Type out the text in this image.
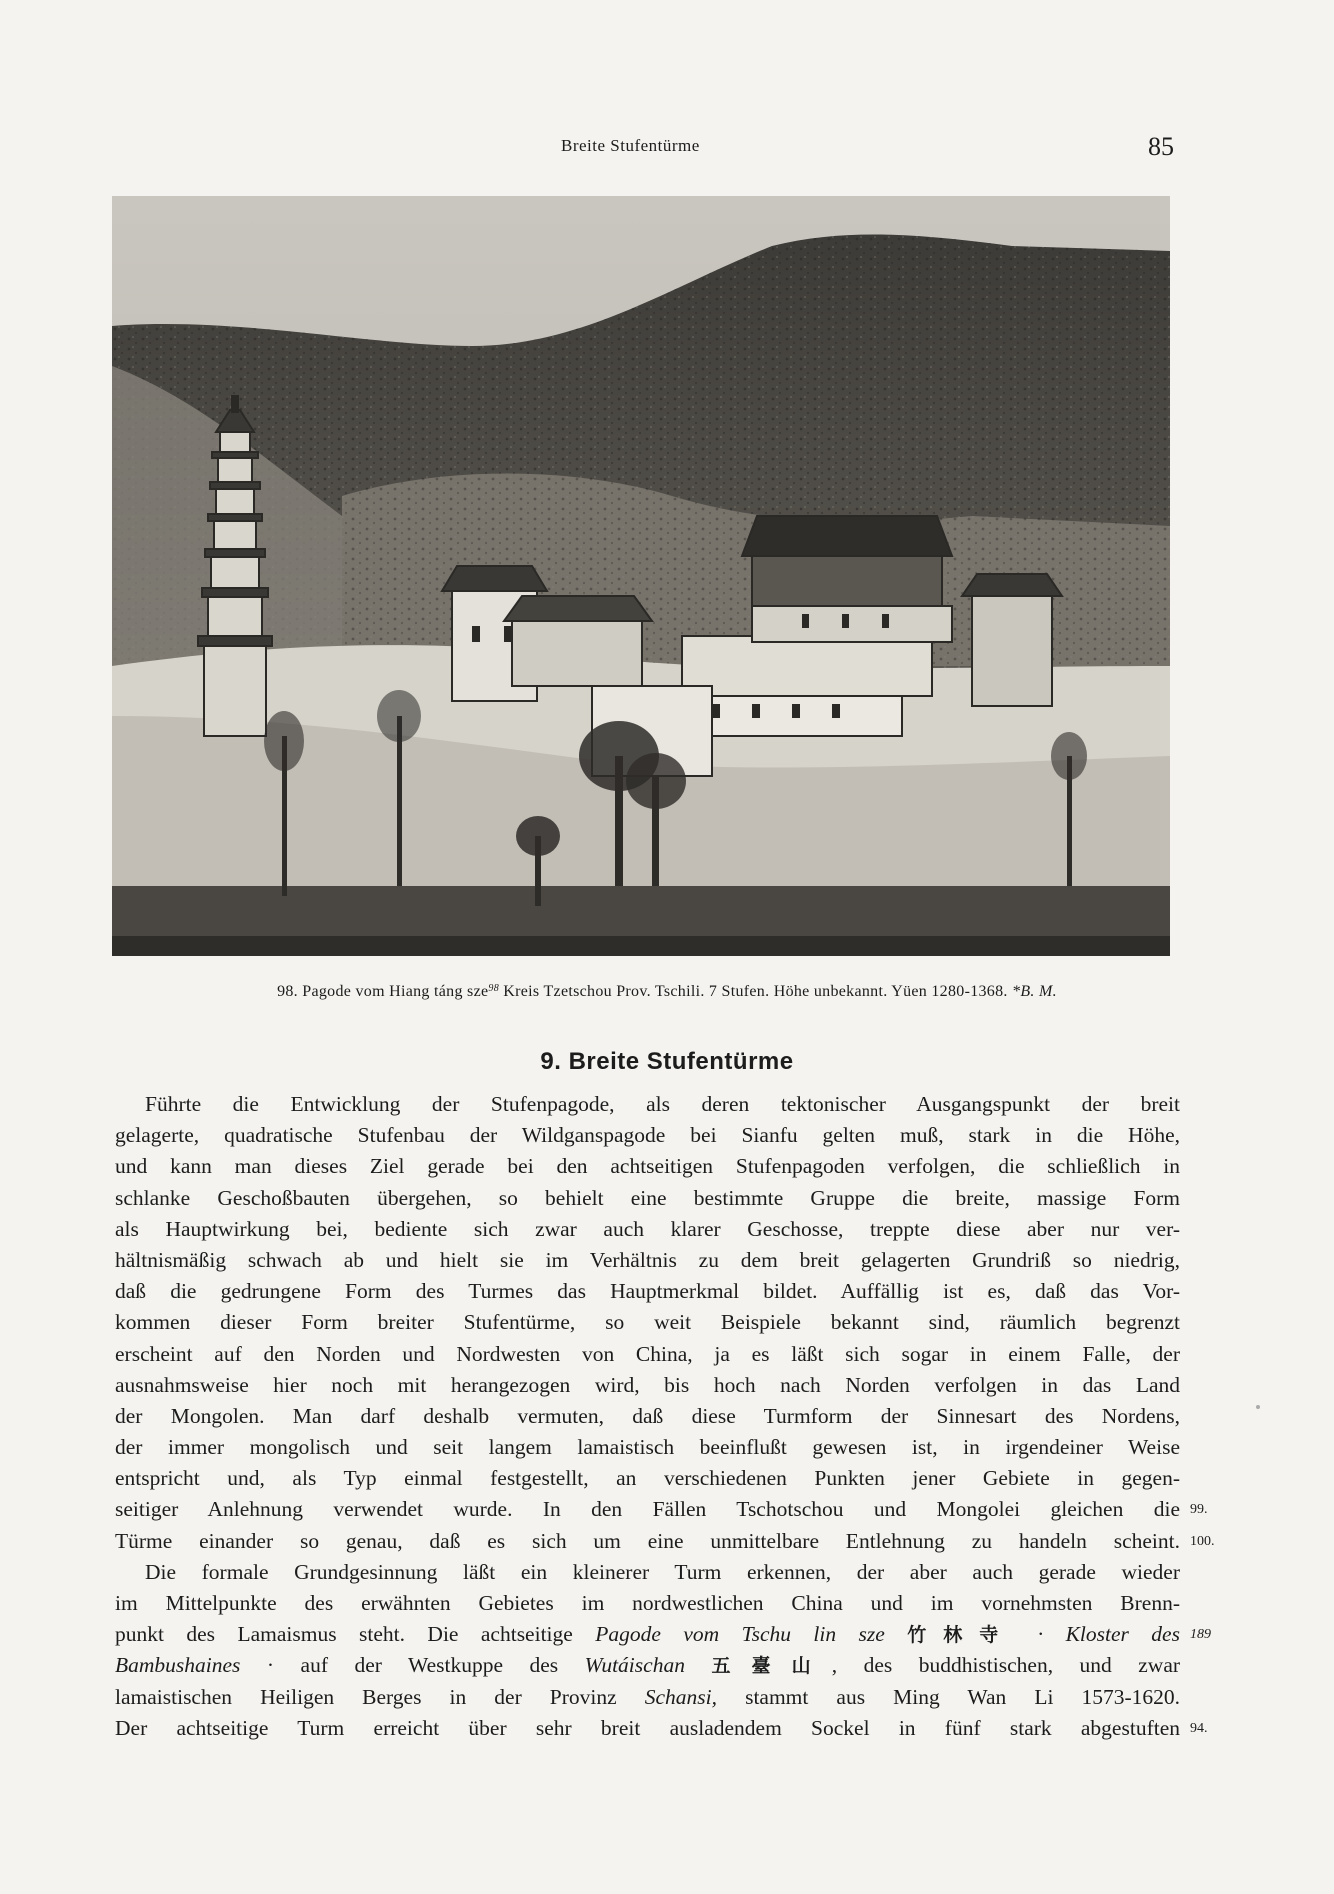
Breite Stufentürme	85
98. Pagode vom Hiang táng sze$^{98}$ Kreis Tzetschou Prov. Tschili. 7 Stufen. Höhe unbekannt. Yüen 1280-1368. *B. M.
9. Breite Stufentürme
Führte die Entwicklung der Stufenpagode, als deren tektonischer Ausgangspunkt der breit
gelagerte, quadratische Stufenbau der Wildganspagode bei Sianfu gelten muß, stark in die Höhe,
und kann man dieses Ziel gerade bei den achtseitigen Stufenpagoden verfolgen, die schließlich in
schlanke Geschoßbauten übergehen, so behielt eine bestimmte Gruppe die breite, massige Form
als Hauptwirkung bei, bediente sich zwar auch klarer Geschosse, treppte diese aber nur ver-
hältnismäßig schwach ab und hielt sie im Verhältnis zu dem breit gelagerten Grundriß so niedrig,
daß die gedrungene Form des Turmes das Hauptmerkmal bildet. Auffällig ist es, daß das Vor-
kommen dieser Form breiter Stufentürme, so weit Beispiele bekannt sind, räumlich begrenzt
erscheint auf den Norden und Nordwesten von China, ja es läßt sich sogar in einem Falle, der
ausnahmsweise hier noch mit herangezogen wird, bis hoch nach Norden verfolgen in das Land
der Mongolen. Man darf deshalb vermuten, daß diese Turmform der Sinnesart des Nordens,
der immer mongolisch und seit langem lamaistisch beeinflußt gewesen ist, in irgendeiner Weise
entspricht und, als Typ einmal festgestellt, an verschiedenen Punkten jener Gebiete in gegen-
seitiger Anlehnung verwendet wurde. In den Fällen Tschotschou und Mongolei gleichen die 99.
Türme einander so genau, daß es sich um eine unmittelbare Entlehnung zu handeln scheint. 100.
Die formale Grundgesinnung läßt ein kleinerer Turm erkennen, der aber auch gerade wieder
im Mittelpunkte des erwähnten Gebietes im nordwestlichen China und im vornehmsten Brenn-
punkt des Lamaismus steht. Die achtseitige Pagode vom Tschu lin sze 竹林寺 · Kloster des 189
Bambushaines · auf der Westkuppe des Wutáischan 五臺山, des buddhistischen, und zwar
lamaistischen Heiligen Berges in der Provinz Schansi, stammt aus Ming Wan Li 1573-1620.
Der achtseitige Turm erreicht über sehr breit ausladendem Sockel in fünf stark abgestuften 94.
